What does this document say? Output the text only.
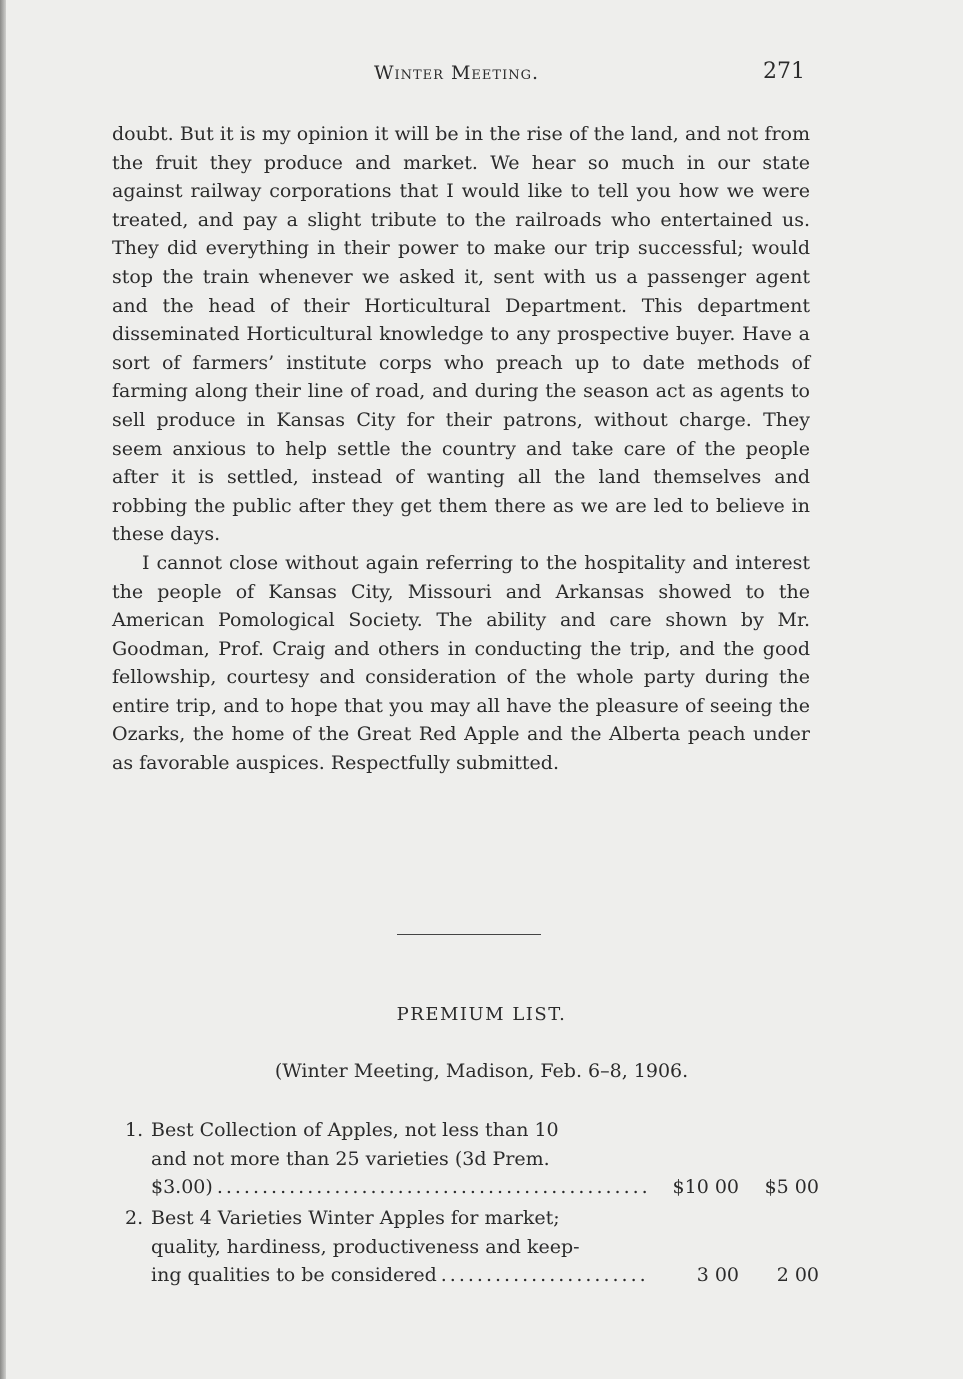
Winter Meeting.	271

doubt. But it is my opinion it will be in the rise of the land, and not from the fruit they produce and market. We hear so much in our state against railway corporations that I would like to tell you how we were treated, and pay a slight tribute to the railroads who entertained us. They did everything in their power to make our trip successful; would stop the train whenever we asked it, sent with us a passenger agent and the head of their Horticultural Department. This department disseminated Horticultural knowledge to any prospective buyer. Have a sort of farmers’ institute corps who preach up to date methods of farming along their line of road, and during the season act as agents to sell produce in Kansas City for their patrons, without charge. They seem anxious to help settle the country and take care of the people after it is settled, instead of wanting all the land themselves and robbing the public after they get them there as we are led to believe in these days.

I cannot close without again referring to the hospitality and interest the people of Kansas City, Missouri and Arkansas showed to the American Pomological Society. The ability and care shown by Mr. Goodman, Prof. Craig and others in conducting the trip, and the good fellowship, courtesy and consideration of the whole party during the entire trip, and to hope that you may all have the pleasure of seeing the Ozarks, the home of the Great Red Apple and the Alberta peach under as favorable auspices. Respectfully submitted.

PREMIUM LIST.
(Winter Meeting, Madison, Feb. 6–8, 1906.
1. Best Collection of Apples, not less than 10
and not more than 25 varieties (3d Prem.
$3.00) .....	$10 00	$5 00
2. Best 4 Varieties Winter Apples for market;
quality, hardiness, productiveness and keep-
ing qualities to be considered .....	3 00	2 00
